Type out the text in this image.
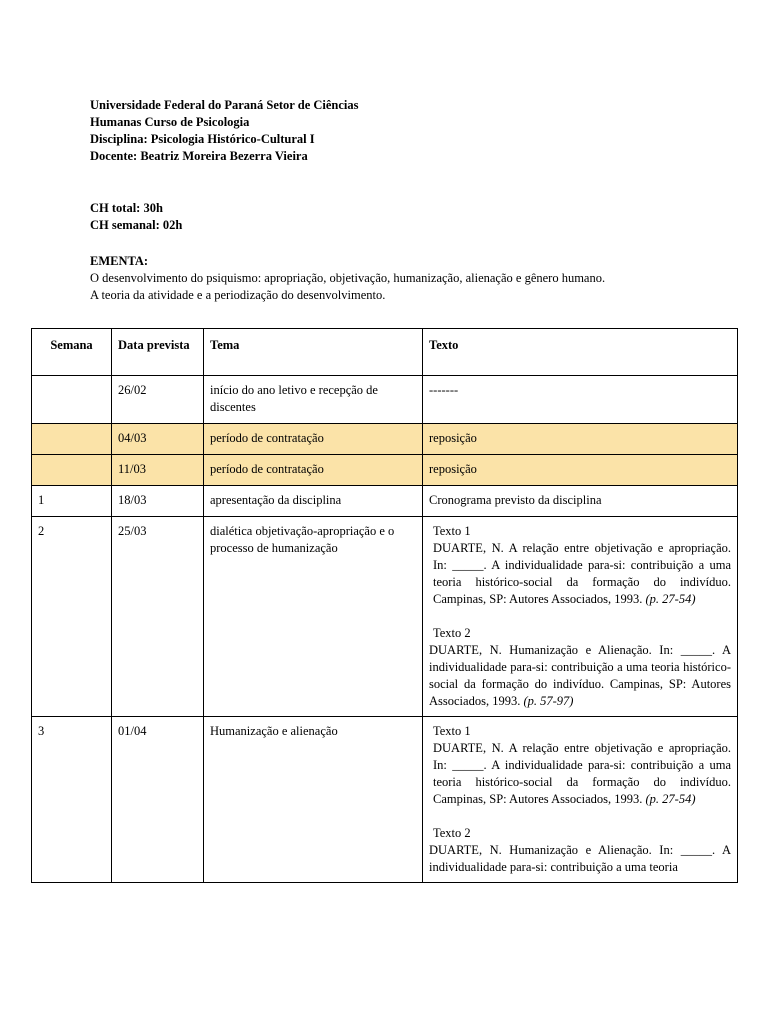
Universidade Federal do Paraná Setor de Ciências
Humanas Curso de Psicologia
Disciplina: Psicologia Histórico-Cultural I
Docente: Beatriz Moreira Bezerra Vieira
CH total: 30h
CH semanal: 02h
EMENTA:
O desenvolvimento do psiquismo: apropriação, objetivação, humanização, alienação e gênero humano.
A teoria da atividade e a periodização do desenvolvimento.
Semana	Data prevista	Tema	Texto
	26/02	início do ano letivo e recepção de discentes	-------
	04/03	período de contratação	reposição
	11/03	período de contratação	reposição
1	18/03	apresentação da disciplina	Cronograma previsto da disciplina
2	25/03	dialética objetivação-apropriação e o processo de humanização	Texto 1
DUARTE, N. A relação entre objetivação e apropriação. In: _____. A individualidade para-si: contribuição a uma teoria histórico-social da formação do indivíduo. Campinas, SP: Autores Associados, 1993. (p. 27-54)
Texto 2
DUARTE, N. Humanização e Alienação. In: _____. A individualidade para-si: contribuição a uma teoria histórico-social da formação do indivíduo. Campinas, SP: Autores Associados, 1993. (p. 57-97)

3	01/04	Humanização e alienação	Texto 1
DUARTE, N. A relação entre objetivação e apropriação. In: _____. A individualidade para-si: contribuição a uma teoria histórico-social da formação do indivíduo. Campinas, SP: Autores Associados, 1993. (p. 27-54)
Texto 2
DUARTE, N. Humanização e Alienação. In: _____. A individualidade para-si: contribuição a uma teoria
